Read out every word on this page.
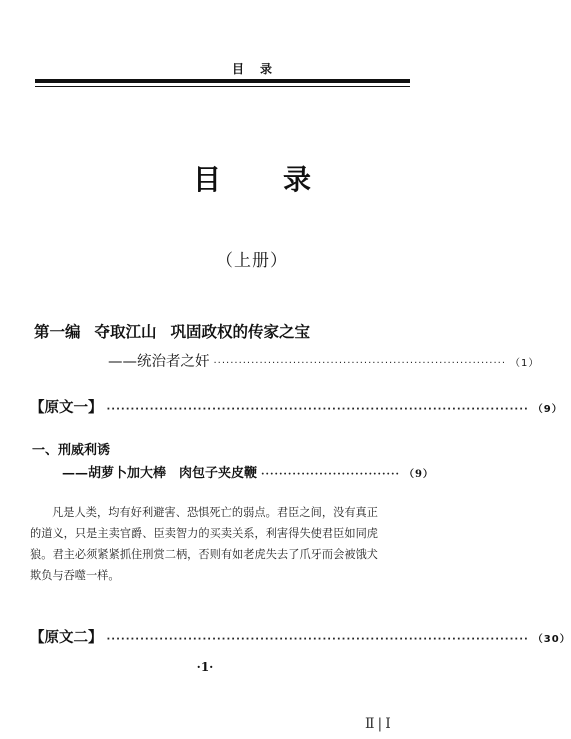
目录
目录
（上册）
第一编 夺取江山 巩固政权的传家之宝
——统治者之奸 ······································································ （1）
【原文一】 ························································································ （9）
一、刑威利诱
——胡萝卜加大棒　肉包子夹皮鞭 ······························· （9）
凡是人类，均有好利避害、恐惧死亡的弱点。君臣之间，没有真正的道义，只是主卖官爵、臣卖智力的买卖关系，利害得失使君臣如同虎狼。君主必须紧紧抓住刑赏二柄，否则有如老虎失去了爪牙而会被饿犬欺负与吞噬一样。
【原文二】 ························································································ （30）
·1·
Ⅱ|Ⅰ
